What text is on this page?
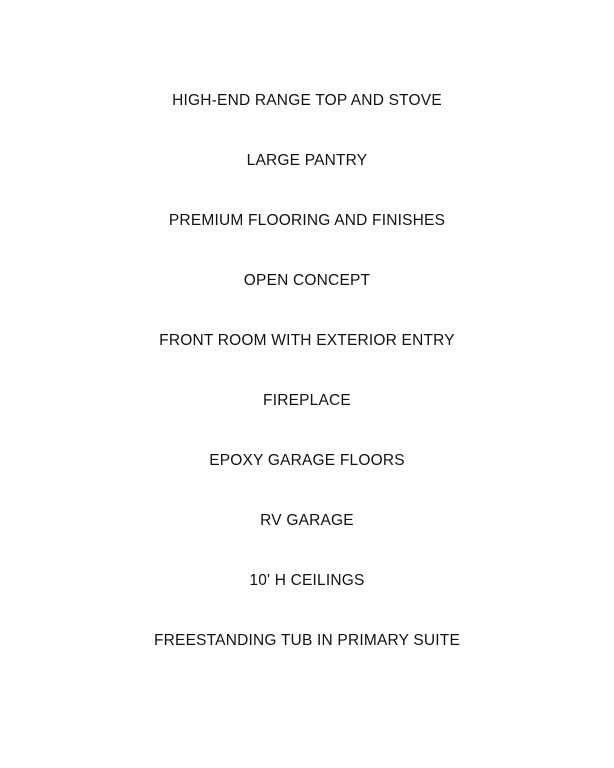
HIGH-END RANGE TOP AND STOVE
LARGE PANTRY
PREMIUM FLOORING AND FINISHES
OPEN CONCEPT
FRONT ROOM WITH EXTERIOR ENTRY
FIREPLACE
EPOXY GARAGE FLOORS
RV GARAGE
10' H CEILINGS
FREESTANDING TUB IN PRIMARY SUITE
